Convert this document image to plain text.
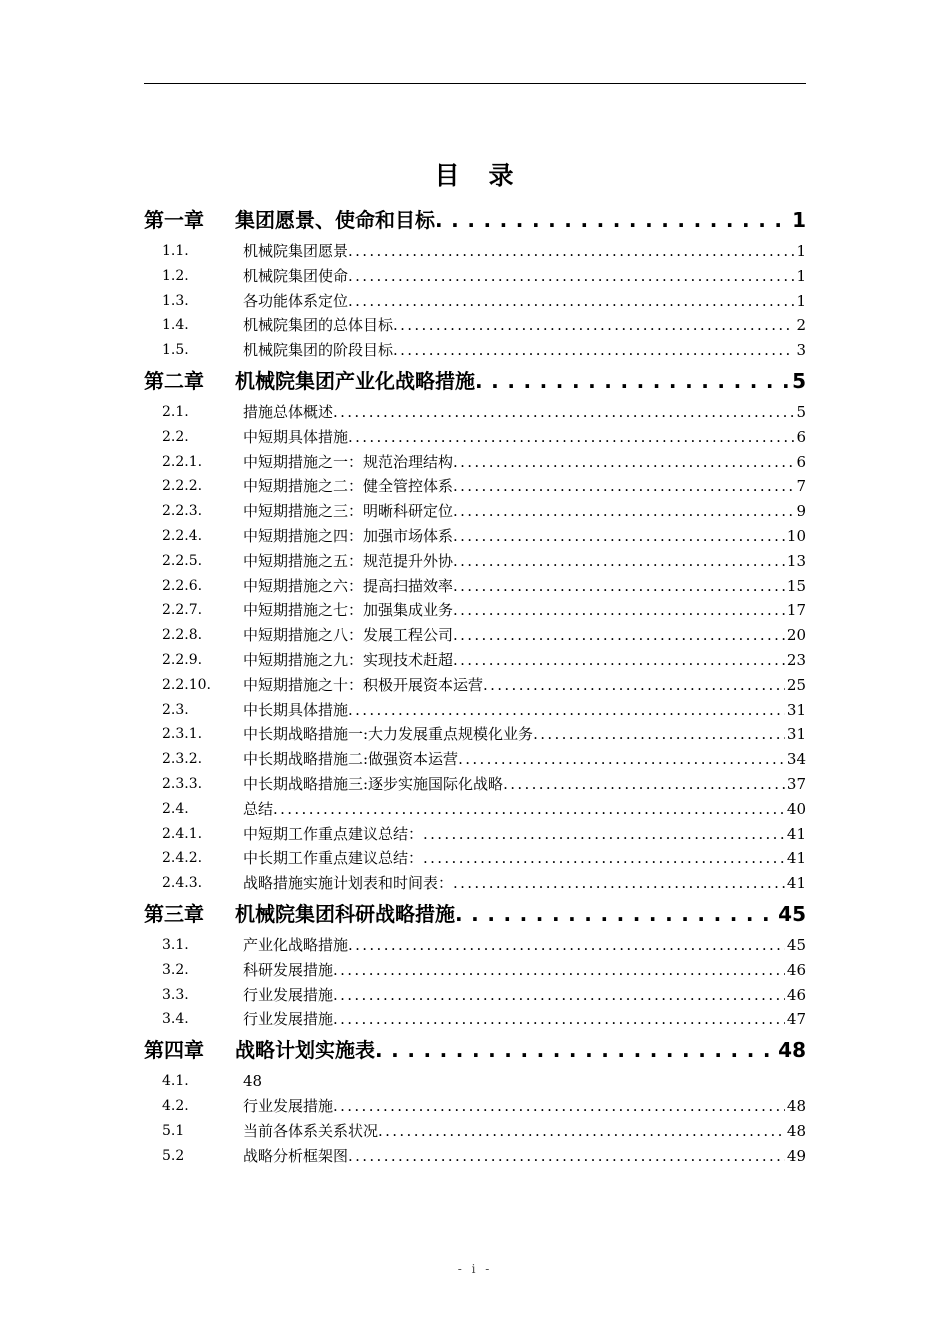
目　录
第一章 集团愿景、使命和目标 . . .	1
1.1.	机械院集团愿景 . . .	1
1.2.	机械院集团使命 . . .	1
1.3.	各功能体系定位 . . .	1
1.4.	机械院集团的总体目标 . . .	2
1.5.	机械院集团的阶段目标 . . .	3
第二章 机械院集团产业化战略措施 . . .	5
2.1.	措施总体概述 . . .	5
2.2.	中短期具体措施 . . .	6
2.2.1.	中短期措施之一：规范治理结构 . . .	6
2.2.2.	中短期措施之二：健全管控体系 . . .	7
2.2.3.	中短期措施之三：明晰科研定位 . . .	9
2.2.4.	中短期措施之四：加强市场体系 . . .	10
2.2.5.	中短期措施之五：规范提升外协 . . .	13
2.2.6.	中短期措施之六：提高扫描效率 . . .	15
2.2.7.	中短期措施之七：加强集成业务 . . .	17
2.2.8.	中短期措施之八：发展工程公司 . . .	20
2.2.9.	中短期措施之九：实现技术赶超 . . .	23
2.2.10. 中短期措施之十：积极开展资本运营 . . .	25
2.3.	中长期具体措施 . . .	31
2.3.1.	中长期战略措施一:大力发展重点规模化业务 . . .	31
2.3.2.	中长期战略措施二:做强资本运营 . . .	34
2.3.3.	中长期战略措施三:逐步实施国际化战略 . . .	37
2.4.	总结 . . .	40
2.4.1.	中短期工作重点建议总结： . . .	41
2.4.2.	中长期工作重点建议总结： . . .	41
2.4.3.	战略措施实施计划表和时间表： . . .	41
第三章 机械院集团科研战略措施 . . .	45
3.1.	产业化战略措施 . . .	45
3.2.	科研发展措施 . . .	46
3.3.	行业发展措施 . . .	46
3.4.	行业发展措施 . . .	47
第四章 战略计划实施表 . . .	48
4.1.	48
4.2.	行业发展措施 . . .	48
5.1	当前各体系关系状况 . . .	48
5.2	战略分析框架图 . . .	49
- i -
